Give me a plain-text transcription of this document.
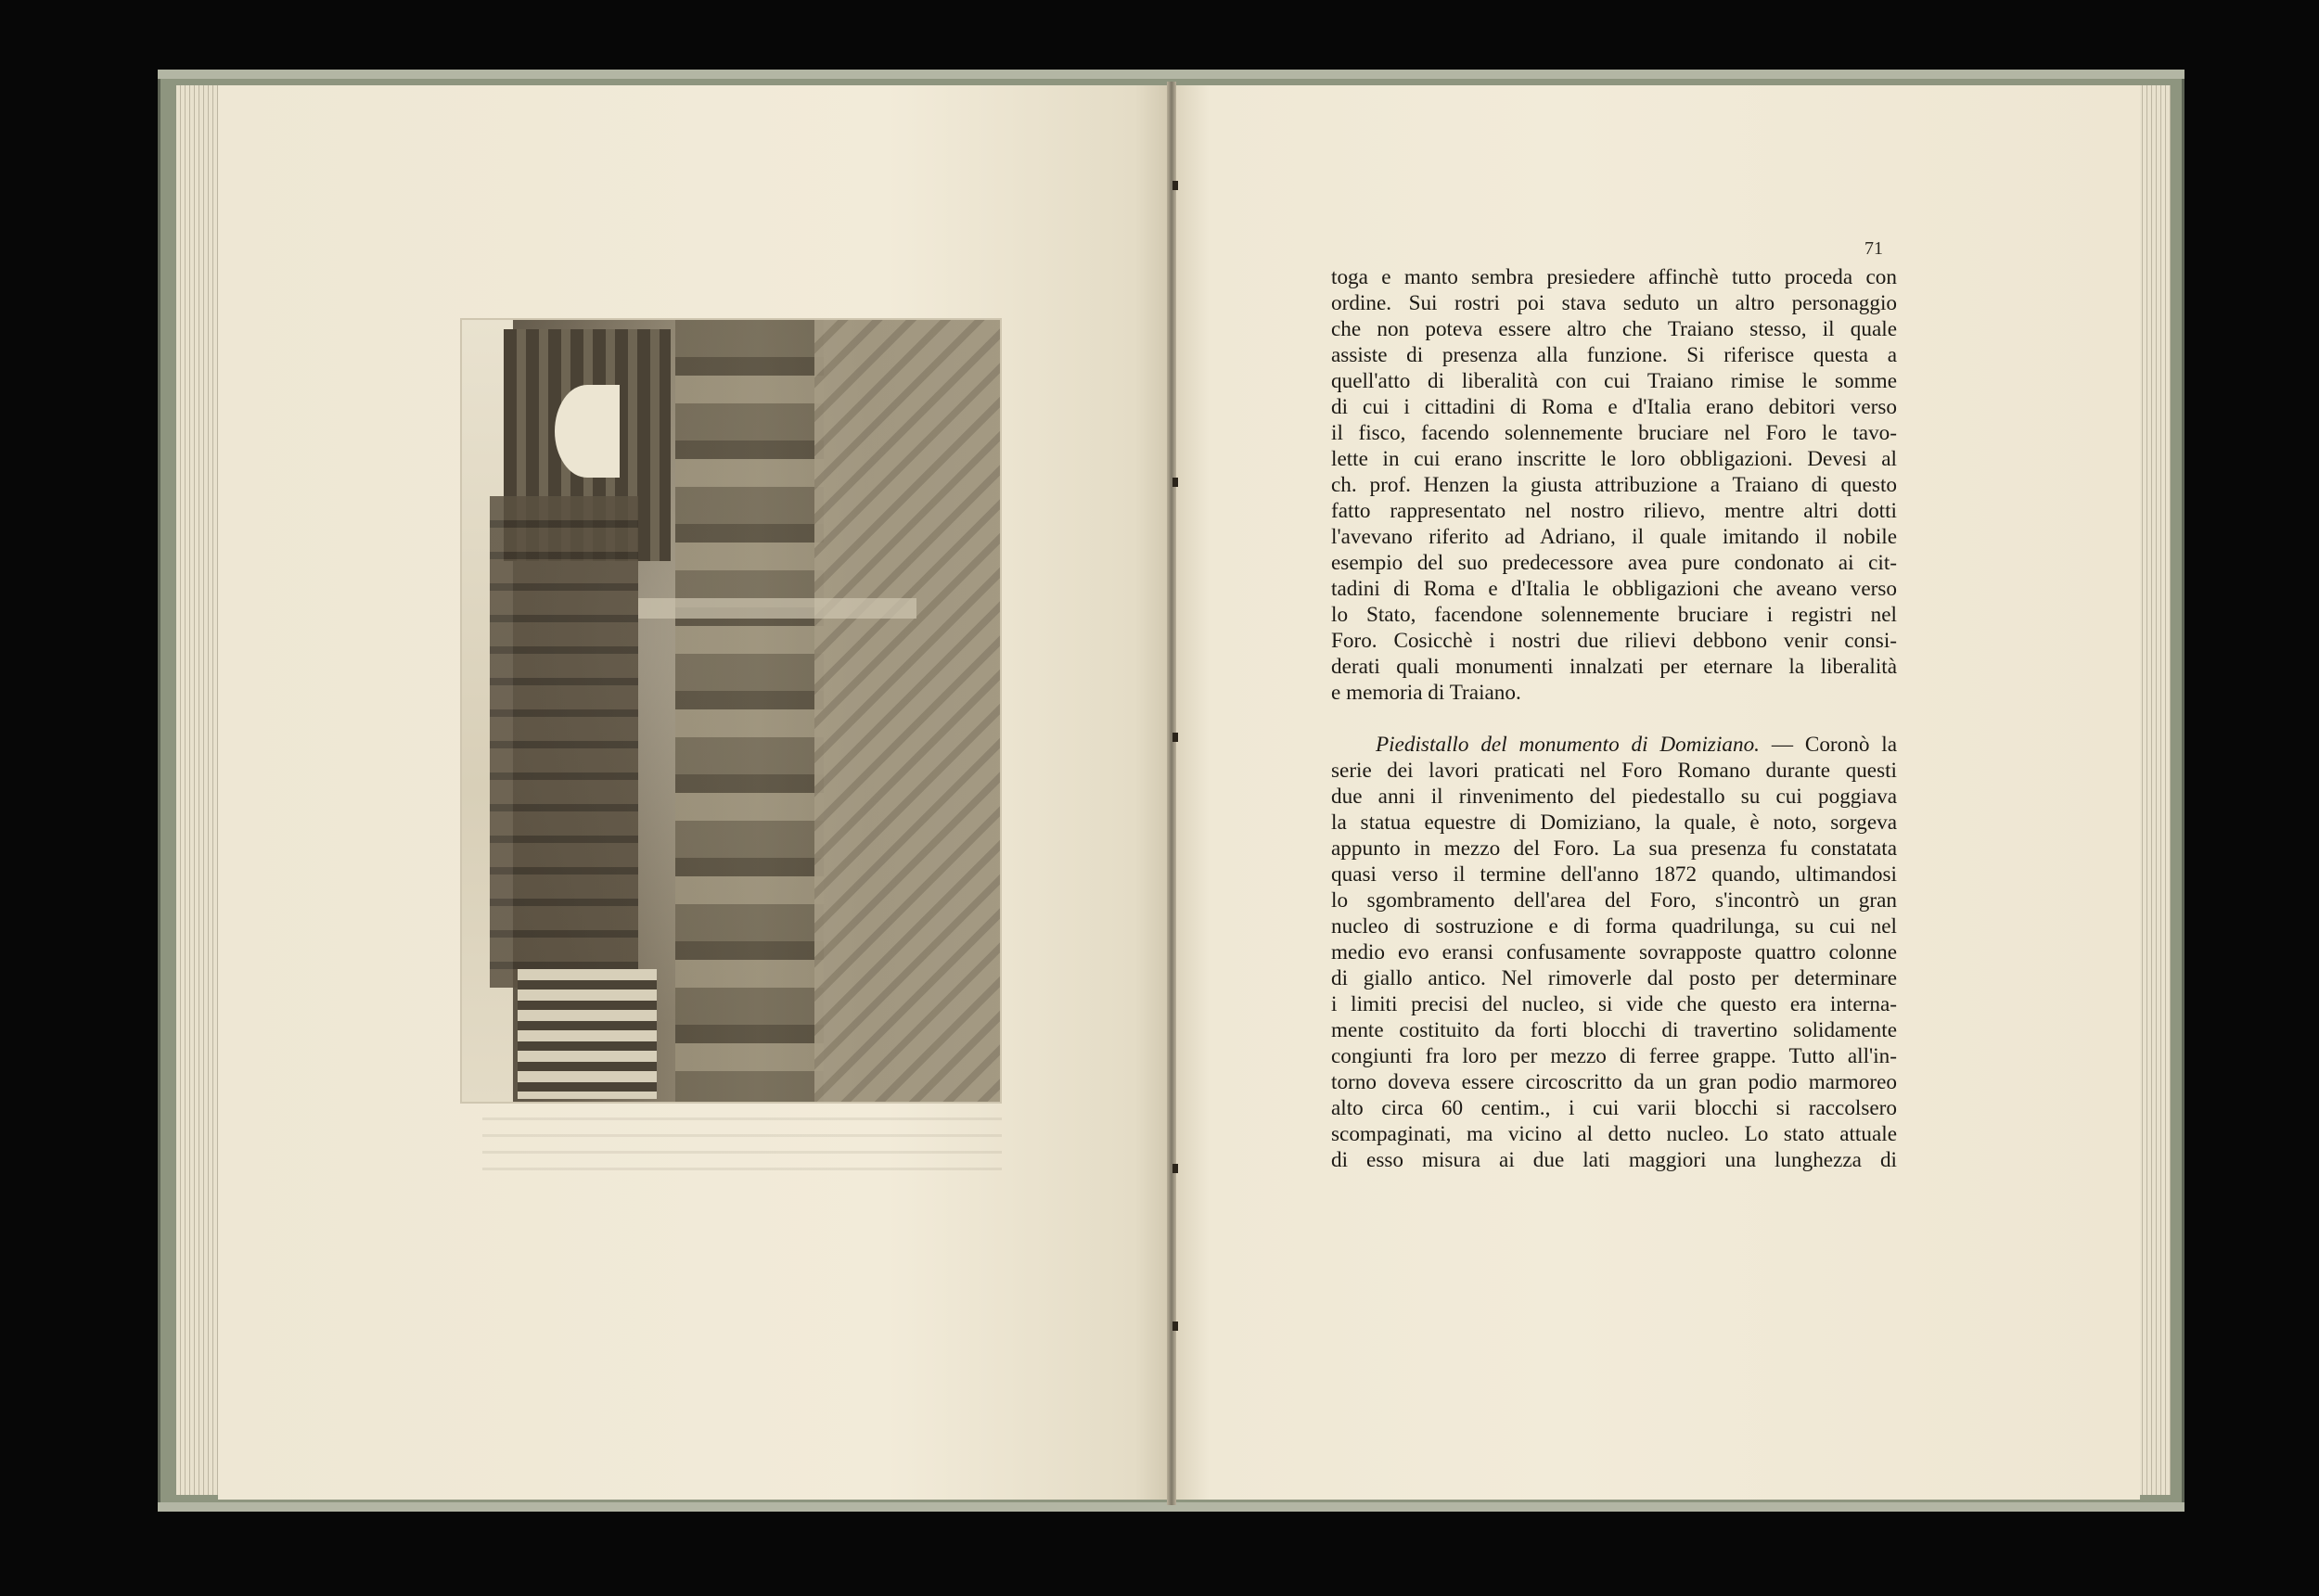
71
toga e manto sembra presiedere affinchè tutto proceda con
ordine. Sui rostri poi stava seduto un altro personaggio
che non poteva essere altro che Traiano stesso, il quale
assiste di presenza alla funzione. Si riferisce questa a
quell'atto di liberalità con cui Traiano rimise le somme
di cui i cittadini di Roma e d'Italia erano debitori verso
il fisco, facendo solennemente bruciare nel Foro le tavo-
lette in cui erano inscritte le loro obbligazioni. Devesi al
ch. prof. Henzen la giusta attribuzione a Traiano di questo
fatto rappresentato nel nostro rilievo, mentre altri dotti
l'avevano riferito ad Adriano, il quale imitando il nobile
esempio del suo predecessore avea pure condonato ai cit-
tadini di Roma e d'Italia le obbligazioni che aveano verso
lo Stato, facendone solennemente bruciare i registri nel
Foro. Cosicchè i nostri due rilievi debbono venir consi-
derati quali monumenti innalzati per eternare la liberalità
e memoria di Traiano.
Piedistallo del monumento di Domiziano. — Coronò la
serie dei lavori praticati nel Foro Romano durante questi
due anni il rinvenimento del piedestallo su cui poggiava
la statua equestre di Domiziano, la quale, è noto, sorgeva
appunto in mezzo del Foro. La sua presenza fu constatata
quasi verso il termine dell'anno 1872 quando, ultimandosi
lo sgombramento dell'area del Foro, s'incontrò un gran
nucleo di sostruzione e di forma quadrilunga, su cui nel
medio evo eransi confusamente sovrapposte quattro colonne
di giallo antico. Nel rimoverle dal posto per determinare
i limiti precisi del nucleo, si vide che questo era interna-
mente costituito da forti blocchi di travertino solidamente
congiunti fra loro per mezzo di ferree grappe. Tutto all'in-
torno doveva essere circoscritto da un gran podio marmoreo
alto circa 60 centim., i cui varii blocchi si raccolsero
scompaginati, ma vicino al detto nucleo. Lo stato attuale
di esso misura ai due lati maggiori una lunghezza di
